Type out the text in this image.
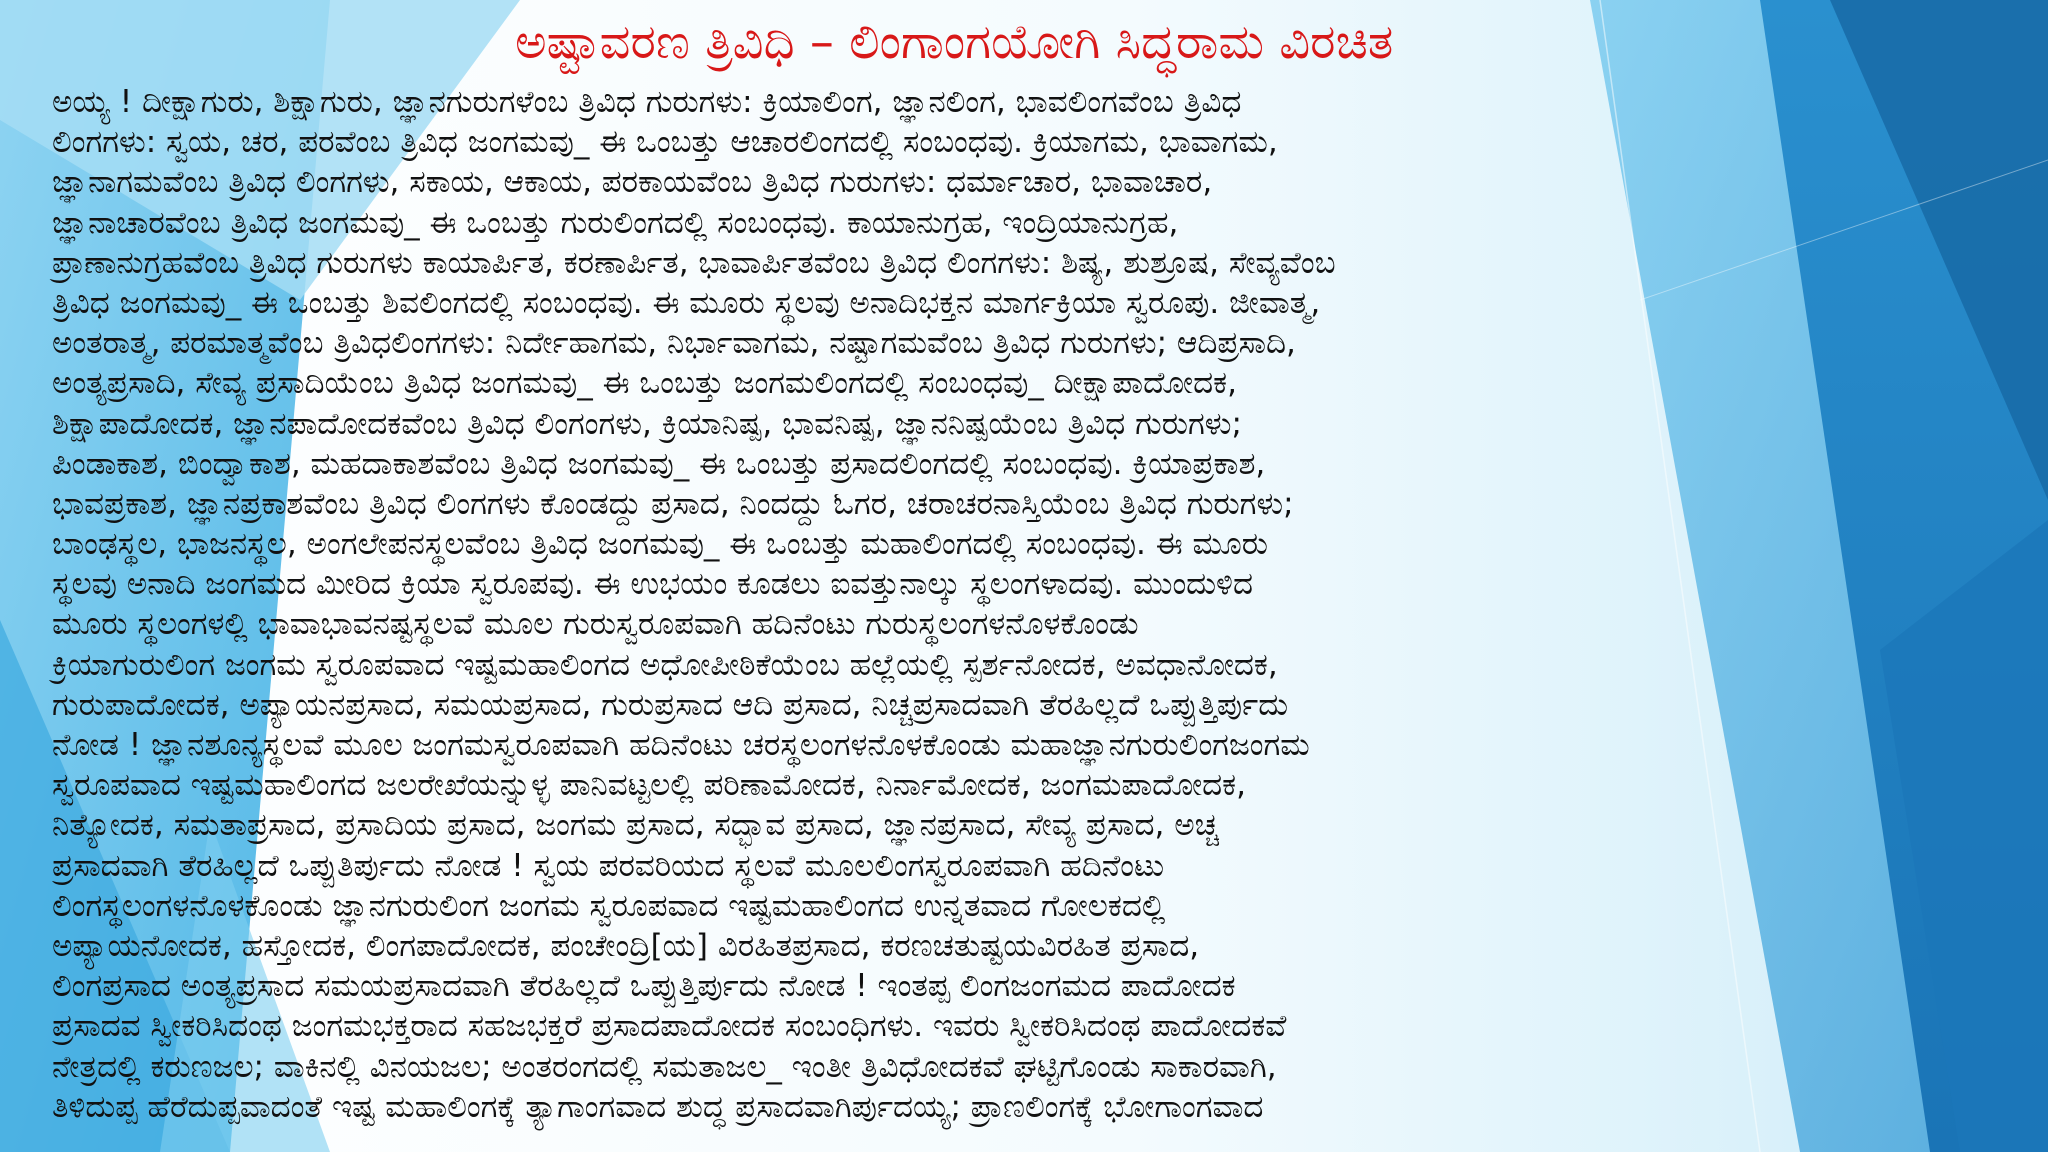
ಅಷ್ಟಾವರಣ ತ್ರಿವಿಧಿ – ಲಿಂಗಾಂಗಯೋಗಿ ಸಿದ್ಧರಾಮ ವಿರಚಿತ
ಅಯ್ಯ ! ದೀಕ್ಷಾಗುರು, ಶಿಕ್ಷಾಗುರು, ಜ್ಞಾನಗುರುಗಳೆಂಬ ತ್ರಿವಿಧ ಗುರುಗಳು: ಕ್ರಿಯಾಲಿಂಗ, ಜ್ಞಾನಲಿಂಗ, ಭಾವಲಿಂಗವೆಂಬ ತ್ರಿವಿಧ
ಲಿಂಗಗಳು: ಸ್ವಯ, ಚರ, ಪರವೆಂಬ ತ್ರಿವಿಧ ಜಂಗಮವು_ ಈ ಒಂಬತ್ತು ಆಚಾರಲಿಂಗದಲ್ಲಿ ಸಂಬಂಧವು. ಕ್ರಿಯಾಗಮ, ಭಾವಾಗಮ,
ಜ್ಞಾನಾಗಮವೆಂಬ ತ್ರಿವಿಧ ಲಿಂಗಗಳು, ಸಕಾಯ, ಆಕಾಯ, ಪರಕಾಯವೆಂಬ ತ್ರಿವಿಧ ಗುರುಗಳು: ಧರ್ಮಾಚಾರ, ಭಾವಾಚಾರ,
ಜ್ಞಾನಾಚಾರವೆಂಬ ತ್ರಿವಿಧ ಜಂಗಮವು_ ಈ ಒಂಬತ್ತು ಗುರುಲಿಂಗದಲ್ಲಿ ಸಂಬಂಧವು. ಕಾಯಾನುಗ್ರಹ, ಇಂದ್ರಿಯಾನುಗ್ರಹ,
ಪ್ರಾಣಾನುಗ್ರಹವೆಂಬ ತ್ರಿವಿಧ ಗುರುಗಳು ಕಾಯಾರ್ಪಿತ, ಕರಣಾರ್ಪಿತ, ಭಾವಾರ್ಪಿತವೆಂಬ ತ್ರಿವಿಧ ಲಿಂಗಗಳು: ಶಿಷ್ಯ, ಶುಶ್ರೂಷ, ಸೇವ್ಯವೆಂಬ
ತ್ರಿವಿಧ ಜಂಗಮವು_ ಈ ಒಂಬತ್ತು ಶಿವಲಿಂಗದಲ್ಲಿ ಸಂಬಂಧವು. ಈ ಮೂರು ಸ್ಥಲವು ಅನಾದಿಭಕ್ತನ ಮಾರ್ಗಕ್ರಿಯಾ ಸ್ವರೂಪು. ಜೀವಾತ್ಮ,
ಅಂತರಾತ್ಮ, ಪರಮಾತ್ಮವೆಂಬ ತ್ರಿವಿಧಲಿಂಗಗಳು: ನಿರ್ದೇಹಾಗಮ, ನಿರ್ಭಾವಾಗಮ, ನಷ್ಟಾಗಮವೆಂಬ ತ್ರಿವಿಧ ಗುರುಗಳು; ಆದಿಪ್ರಸಾದಿ,
ಅಂತ್ಯಪ್ರಸಾದಿ, ಸೇವ್ಯ ಪ್ರಸಾದಿಯೆಂಬ ತ್ರಿವಿಧ ಜಂಗಮವು_ ಈ ಒಂಬತ್ತು ಜಂಗಮಲಿಂಗದಲ್ಲಿ ಸಂಬಂಧವು_ ದೀಕ್ಷಾಪಾದೋದಕ,
ಶಿಕ್ಷಾಪಾದೋದಕ, ಜ್ಞಾನಪಾದೋದಕವೆಂಬ ತ್ರಿವಿಧ ಲಿಂಗಂಗಳು, ಕ್ರಿಯಾನಿಷ್ಪ, ಭಾವನಿಷ್ಪ, ಜ್ಞಾನನಿಷ್ಪಯೆಂಬ ತ್ರಿವಿಧ ಗುರುಗಳು;
ಪಿಂಡಾಕಾಶ, ಬಿಂದ್ವಾಕಾಶ, ಮಹದಾಕಾಶವೆಂಬ ತ್ರಿವಿಧ ಜಂಗಮವು_ ಈ ಒಂಬತ್ತು ಪ್ರಸಾದಲಿಂಗದಲ್ಲಿ ಸಂಬಂಧವು. ಕ್ರಿಯಾಪ್ರಕಾಶ,
ಭಾವಪ್ರಕಾಶ, ಜ್ಞಾನಪ್ರಕಾಶವೆಂಬ ತ್ರಿವಿಧ ಲಿಂಗಗಳು ಕೊಂಡದ್ದು ಪ್ರಸಾದ, ನಿಂದದ್ದು ಓಗರ, ಚರಾಚರನಾಸ್ತಿಯೆಂಬ ತ್ರಿವಿಧ ಗುರುಗಳು;
ಬಾಂಢಸ್ಥಲ, ಭಾಜನಸ್ಥಲ, ಅಂಗಲೇಪನಸ್ಥಲವೆಂಬ ತ್ರಿವಿಧ ಜಂಗಮವು_ ಈ ಒಂಬತ್ತು ಮಹಾಲಿಂಗದಲ್ಲಿ ಸಂಬಂಧವು. ಈ ಮೂರು
ಸ್ಥಲವು ಅನಾದಿ ಜಂಗಮದ ಮೀರಿದ ಕ್ರಿಯಾ ಸ್ವರೂಪವು. ಈ ಉಭಯಂ ಕೂಡಲು ಐವತ್ತುನಾಲ್ಕು ಸ್ಥಲಂಗಳಾದವು. ಮುಂದುಳಿದ
ಮೂರು ಸ್ಥಲಂಗಳಲ್ಲಿ ಭಾವಾಭಾವನಷ್ಟಸ್ಥಲವೆ ಮೂಲ ಗುರುಸ್ವರೂಪವಾಗಿ ಹದಿನೆಂಟು ಗುರುಸ್ಥಲಂಗಳನೊಳಕೊಂಡು
ಕ್ರಿಯಾಗುರುಲಿಂಗ ಜಂಗಮ ಸ್ವರೂಪವಾದ ಇಷ್ಟಮಹಾಲಿಂಗದ ಅಧೋಪೀಠಿಕೆಯೆಂಬ ಹಲ್ಲೆಯಲ್ಲಿ ಸ್ಪರ್ಶನೋದಕ, ಅವಧಾನೋದಕ,
ಗುರುಪಾದೋದಕ, ಅಪ್ಯಾಯನಪ್ರಸಾದ, ಸಮಯಪ್ರಸಾದ, ಗುರುಪ್ರಸಾದ ಆದಿ ಪ್ರಸಾದ, ನಿಚ್ಚಪ್ರಸಾದವಾಗಿ ತೆರಹಿಲ್ಲದೆ ಒಪ್ಪುತ್ತಿರ್ಪುದು
ನೋಡ ! ಜ್ಞಾನಶೂನ್ಯಸ್ಥಲವೆ ಮೂಲ ಜಂಗಮಸ್ವರೂಪವಾಗಿ ಹದಿನೆಂಟು ಚರಸ್ಥಲಂಗಳನೊಳಕೊಂಡು ಮಹಾಜ್ಞಾನಗುರುಲಿಂಗಜಂಗಮ
ಸ್ವರೂಪವಾದ ಇಷ್ಟಮಹಾಲಿಂಗದ ಜಲರೇಖೆಯನ್ನುಳ್ಳ ಪಾನಿವಟ್ಟಲಲ್ಲಿ ಪರಿಣಾಮೋದಕ, ನಿರ್ನಾಮೋದಕ, ಜಂಗಮಪಾದೋದಕ,
ನಿತ್ಯೋದಕ, ಸಮತಾಪ್ರಸಾದ, ಪ್ರಸಾದಿಯ ಪ್ರಸಾದ, ಜಂಗಮ ಪ್ರಸಾದ, ಸದ್ಭಾವ ಪ್ರಸಾದ, ಜ್ಞಾನಪ್ರಸಾದ, ಸೇವ್ಯ ಪ್ರಸಾದ, ಅಚ್ಚ
ಪ್ರಸಾದವಾಗಿ ತೆರಹಿಲ್ಲದೆ ಒಪ್ಪುತಿರ್ಪುದು ನೋಡ ! ಸ್ವಯ ಪರವರಿಯದ ಸ್ಥಲವೆ ಮೂಲಲಿಂಗಸ್ವರೂಪವಾಗಿ ಹದಿನೆಂಟು
ಲಿಂಗಸ್ಥಲಂಗಳನೊಳಕೊಂಡು ಜ್ಞಾನಗುರುಲಿಂಗ ಜಂಗಮ ಸ್ವರೂಪವಾದ ಇಷ್ಟಮಹಾಲಿಂಗದ ಉನ್ನತವಾದ ಗೋಲಕದಲ್ಲಿ
ಅಪ್ಯಾಯನೋದಕ, ಹಸ್ತೋದಕ, ಲಿಂಗಪಾದೋದಕ, ಪಂಚೇಂದ್ರಿ[ಯ] ವಿರಹಿತಪ್ರಸಾದ, ಕರಣಚತುಷ್ಟಯವಿರಹಿತ ಪ್ರಸಾದ,
ಲಿಂಗಪ್ರಸಾದ ಅಂತ್ಯಪ್ರಸಾದ ಸಮಯಪ್ರಸಾದವಾಗಿ ತೆರಹಿಲ್ಲದೆ ಒಪ್ಪುತ್ತಿರ್ಪುದು ನೋಡ ! ಇಂತಪ್ಪ ಲಿಂಗಜಂಗಮದ ಪಾದೋದಕ
ಪ್ರಸಾದವ ಸ್ವೀಕರಿಸಿದಂಥ ಜಂಗಮಭಕ್ತರಾದ ಸಹಜಭಕ್ತರೆ ಪ್ರಸಾದಪಾದೋದಕ ಸಂಬಂಧಿಗಳು. ಇವರು ಸ್ವೀಕರಿಸಿದಂಥ ಪಾದೋದಕವೆ
ನೇತ್ರದಲ್ಲಿ ಕರುಣಜಲ; ವಾಕಿನಲ್ಲಿ ವಿನಯಜಲ; ಅಂತರಂಗದಲ್ಲಿ ಸಮತಾಜಲ_ ಇಂತೀ ತ್ರಿವಿಧೋದಕವೆ ಘಟ್ಟಿಗೊಂಡು ಸಾಕಾರವಾಗಿ,
ತಿಳಿದುಪ್ಪ ಹೆರೆದುಪ್ಪವಾದಂತೆ ಇಷ್ಟ ಮಹಾಲಿಂಗಕ್ಕೆ ತ್ಯಾಗಾಂಗವಾದ ಶುದ್ಧ ಪ್ರಸಾದವಾಗಿರ್ಪುದಯ್ಯ; ಪ್ರಾಣಲಿಂಗಕ್ಕೆ ಭೋಗಾಂಗವಾದ
